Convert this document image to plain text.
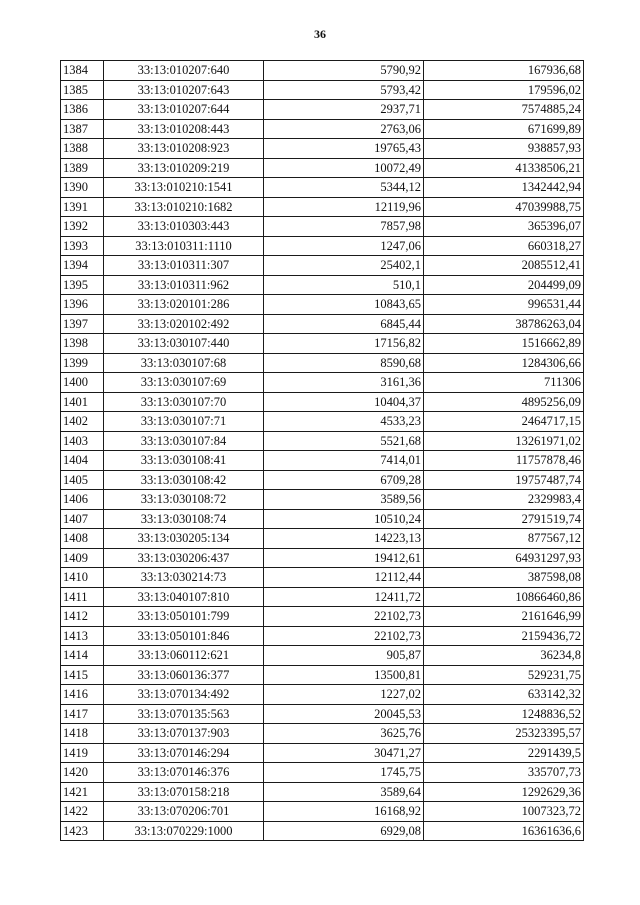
36
1384	33:13:010207:640	5790,92	167936,68
1385	33:13:010207:643	5793,42	179596,02
1386	33:13:010207:644	2937,71	7574885,24
1387	33:13:010208:443	2763,06	671699,89
1388	33:13:010208:923	19765,43	938857,93
1389	33:13:010209:219	10072,49	41338506,21
1390	33:13:010210:1541	5344,12	1342442,94
1391	33:13:010210:1682	12119,96	47039988,75
1392	33:13:010303:443	7857,98	365396,07
1393	33:13:010311:1110	1247,06	660318,27
1394	33:13:010311:307	25402,1	2085512,41
1395	33:13:010311:962	510,1	204499,09
1396	33:13:020101:286	10843,65	996531,44
1397	33:13:020102:492	6845,44	38786263,04
1398	33:13:030107:440	17156,82	1516662,89
1399	33:13:030107:68	8590,68	1284306,66
1400	33:13:030107:69	3161,36	711306
1401	33:13:030107:70	10404,37	4895256,09
1402	33:13:030107:71	4533,23	2464717,15
1403	33:13:030107:84	5521,68	13261971,02
1404	33:13:030108:41	7414,01	11757878,46
1405	33:13:030108:42	6709,28	19757487,74
1406	33:13:030108:72	3589,56	2329983,4
1407	33:13:030108:74	10510,24	2791519,74
1408	33:13:030205:134	14223,13	877567,12
1409	33:13:030206:437	19412,61	64931297,93
1410	33:13:030214:73	12112,44	387598,08
1411	33:13:040107:810	12411,72	10866460,86
1412	33:13:050101:799	22102,73	2161646,99
1413	33:13:050101:846	22102,73	2159436,72
1414	33:13:060112:621	905,87	36234,8
1415	33:13:060136:377	13500,81	529231,75
1416	33:13:070134:492	1227,02	633142,32
1417	33:13:070135:563	20045,53	1248836,52
1418	33:13:070137:903	3625,76	25323395,57
1419	33:13:070146:294	30471,27	2291439,5
1420	33:13:070146:376	1745,75	335707,73
1421	33:13:070158:218	3589,64	1292629,36
1422	33:13:070206:701	16168,92	1007323,72
1423	33:13:070229:1000	6929,08	16361636,6
